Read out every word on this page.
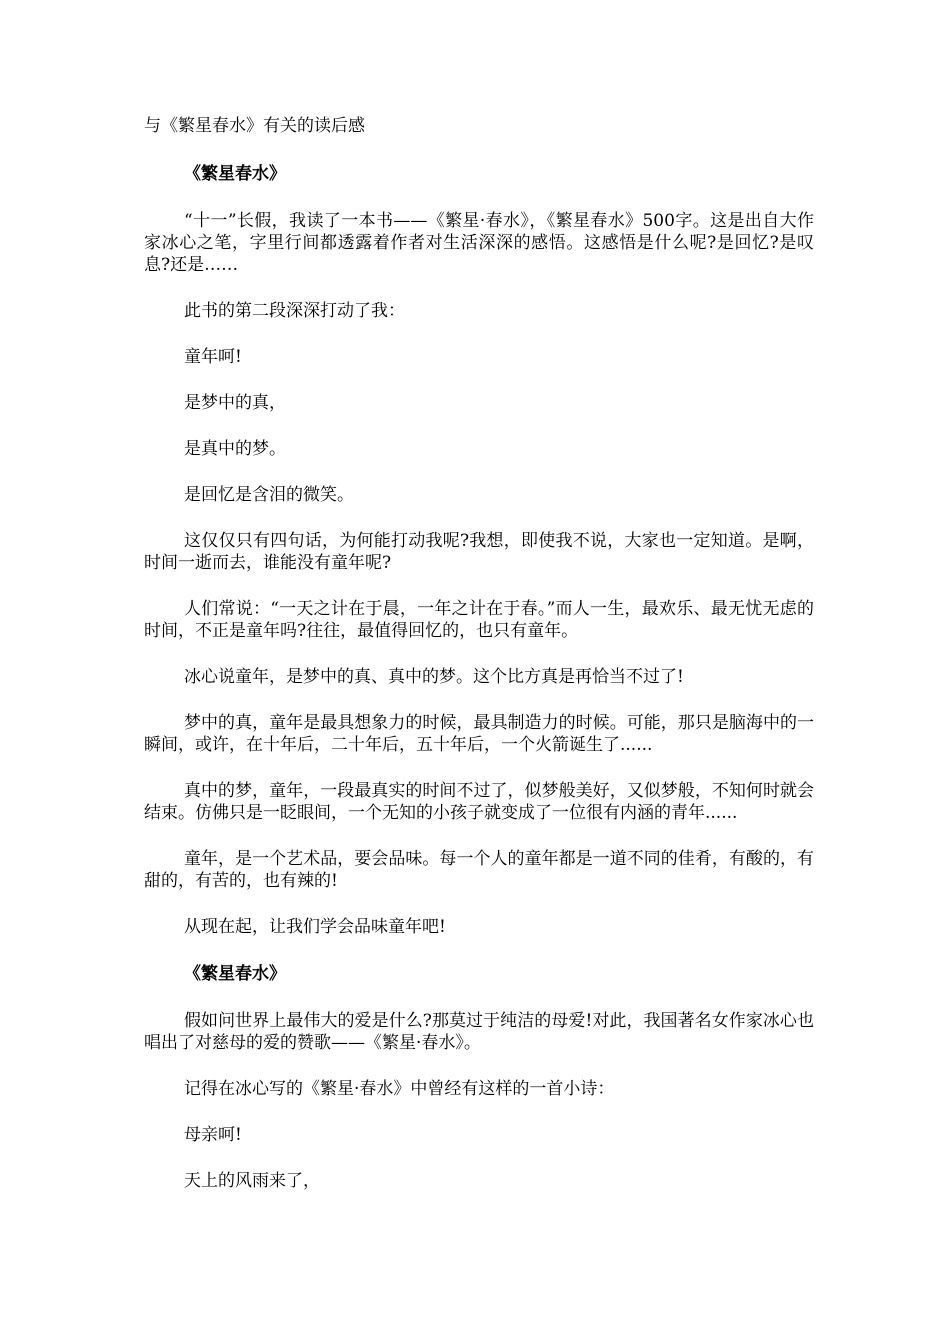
与《繁星春水》有关的读后感
《繁星春水》

“十一”长假，我读了一本书——《繁星·春水》，《繁星春水》500字。这是出自大作家冰心之笔，字里行间都透露着作者对生活深深的感悟。这感悟是什么呢?是回忆?是叹息?还是……

此书的第二段深深打动了我：

童年呵!

是梦中的真，

是真中的梦。

是回忆是含泪的微笑。

这仅仅只有四句话，为何能打动我呢?我想，即使我不说，大家也一定知道。是啊，时间一逝而去，谁能没有童年呢?

人们常说：“一天之计在于晨，一年之计在于春。”而人一生，最欢乐、最无忧无虑的时间，不正是童年吗?往往，最值得回忆的，也只有童年。

冰心说童年，是梦中的真、真中的梦。这个比方真是再恰当不过了!

梦中的真，童年是最具想象力的时候，最具制造力的时候。可能，那只是脑海中的一瞬间，或许，在十年后，二十年后，五十年后，一个火箭诞生了......

真中的梦，童年，一段最真实的时间不过了，似梦般美好，又似梦般，不知何时就会结束。仿佛只是一眨眼间，一个无知的小孩子就变成了一位很有内涵的青年......

童年，是一个艺术品，要会品味。每一个人的童年都是一道不同的佳肴，有酸的，有甜的，有苦的，也有辣的!

从现在起，让我们学会品味童年吧!

《繁星春水》

假如问世界上最伟大的爱是什么?那莫过于纯洁的母爱!对此，我国著名女作家冰心也唱出了对慈母的爱的赞歌——《繁星·春水》。

记得在冰心写的《繁星·春水》中曾经有这样的一首小诗：

母亲呵!

天上的风雨来了，
